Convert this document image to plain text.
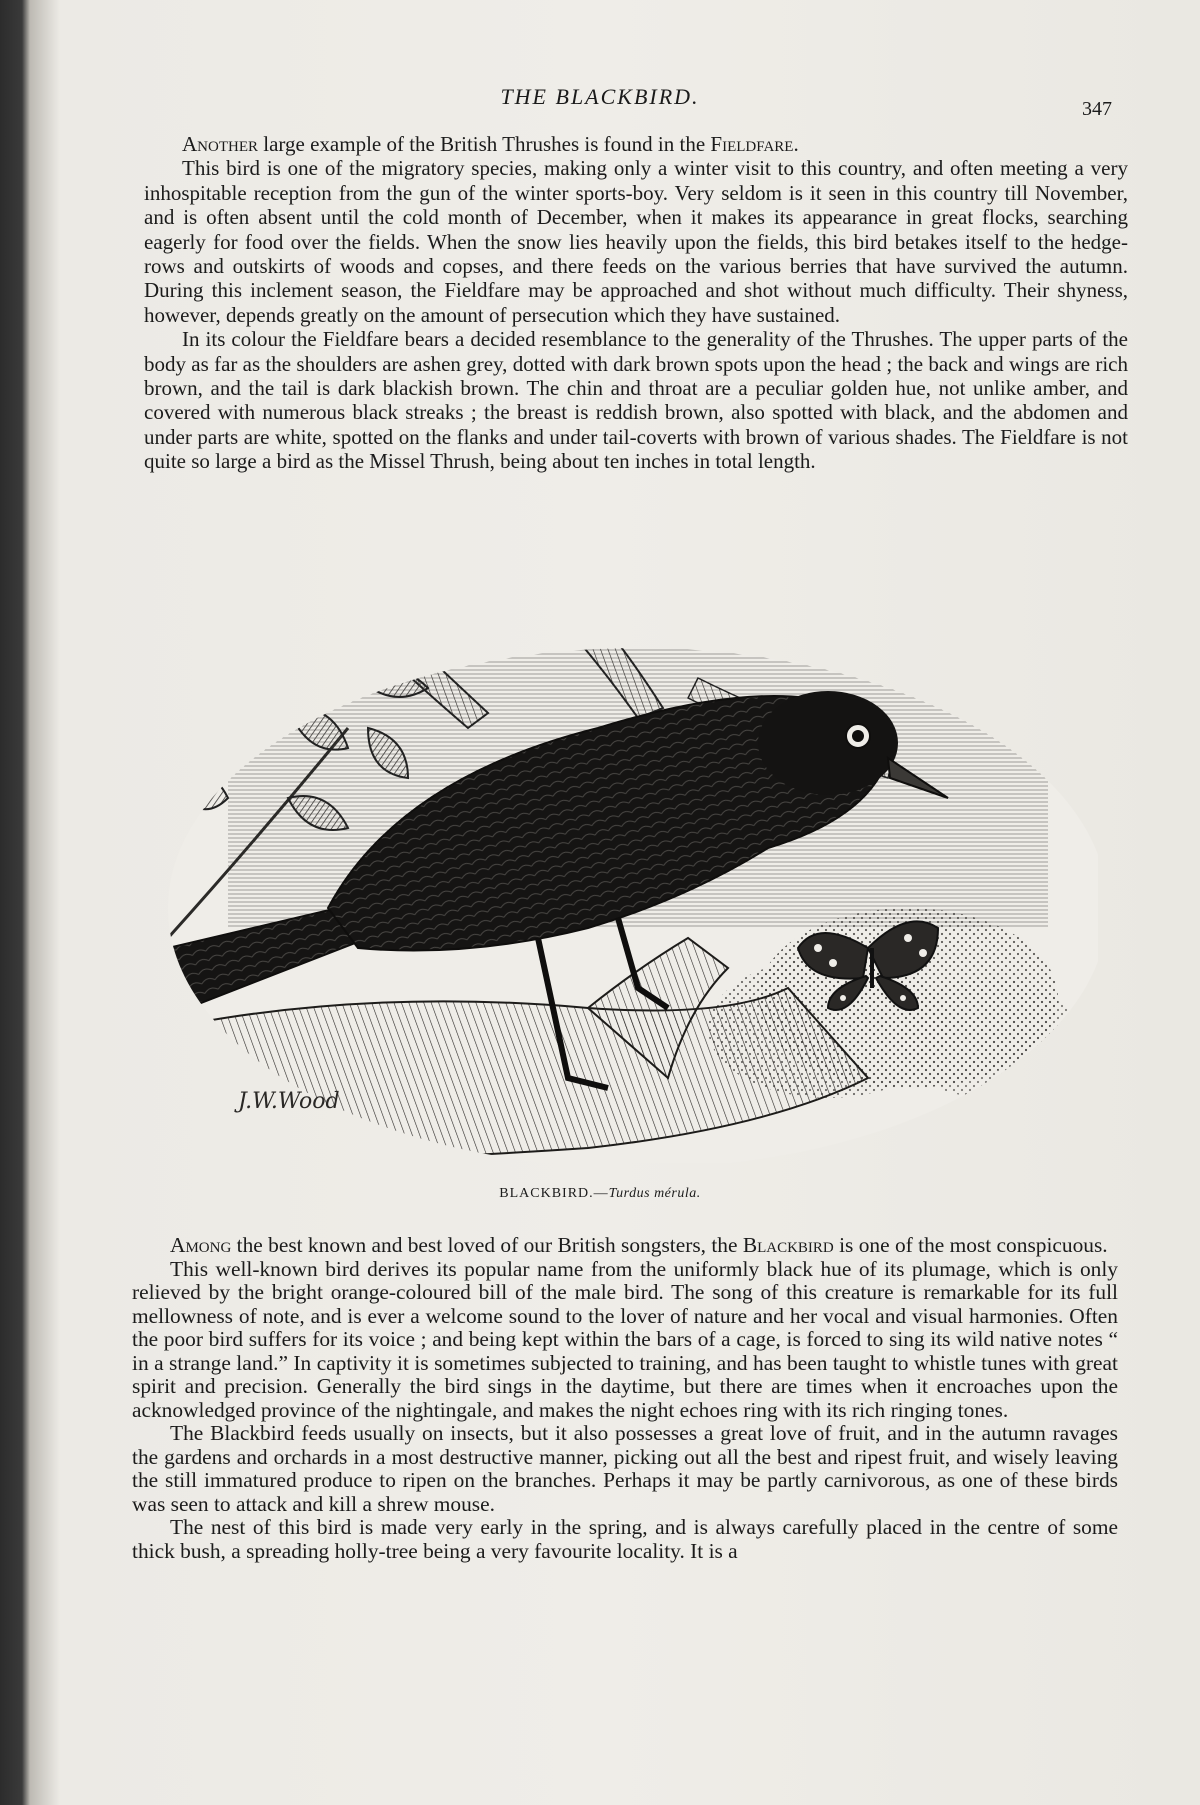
THE BLACKBIRD.	347

Another large example of the British Thrushes is found in the Fieldfare.

This bird is one of the migratory species, making only a winter visit to this country, and often meeting a very inhospitable reception from the gun of the winter sports-boy. Very seldom is it seen in this country till November, and is often absent until the cold month of December, when it makes its appearance in great flocks, searching eagerly for food over the fields. When the snow lies heavily upon the fields, this bird betakes itself to the hedge-rows and outskirts of woods and copses, and there feeds on the various berries that have survived the autumn. During this inclement season, the Fieldfare may be approached and shot without much difficulty. Their shyness, however, depends greatly on the amount of persecution which they have sustained.

In its colour the Fieldfare bears a decided resemblance to the generality of the Thrushes. The upper parts of the body as far as the shoulders are ashen grey, dotted with dark brown spots upon the head ; the back and wings are rich brown, and the tail is dark blackish brown. The chin and throat are a peculiar golden hue, not unlike amber, and covered with numerous black streaks ; the breast is reddish brown, also spotted with black, and the abdomen and under parts are white, spotted on the flanks and under tail-coverts with brown of various shades. The Fieldfare is not quite so large a bird as the Missel Thrush, being about ten inches in total length.

J.W.Wood
BLACKBIRD.—Turdus mérula.

Among the best known and best loved of our British songsters, the Blackbird is one of the most conspicuous.

This well-known bird derives its popular name from the uniformly black hue of its plumage, which is only relieved by the bright orange-coloured bill of the male bird. The song of this creature is remarkable for its full mellowness of note, and is ever a welcome sound to the lover of nature and her vocal and visual harmonies. Often the poor bird suffers for its voice ; and being kept within the bars of a cage, is forced to sing its wild native notes “ in a strange land.” In captivity it is sometimes subjected to training, and has been taught to whistle tunes with great spirit and precision. Generally the bird sings in the daytime, but there are times when it encroaches upon the acknowledged province of the nightingale, and makes the night echoes ring with its rich ringing tones.

The Blackbird feeds usually on insects, but it also possesses a great love of fruit, and in the autumn ravages the gardens and orchards in a most destructive manner, picking out all the best and ripest fruit, and wisely leaving the still immatured produce to ripen on the branches. Perhaps it may be partly carnivorous, as one of these birds was seen to attack and kill a shrew mouse.

The nest of this bird is made very early in the spring, and is always carefully placed in the centre of some thick bush, a spreading holly-tree being a very favourite locality. It is a
